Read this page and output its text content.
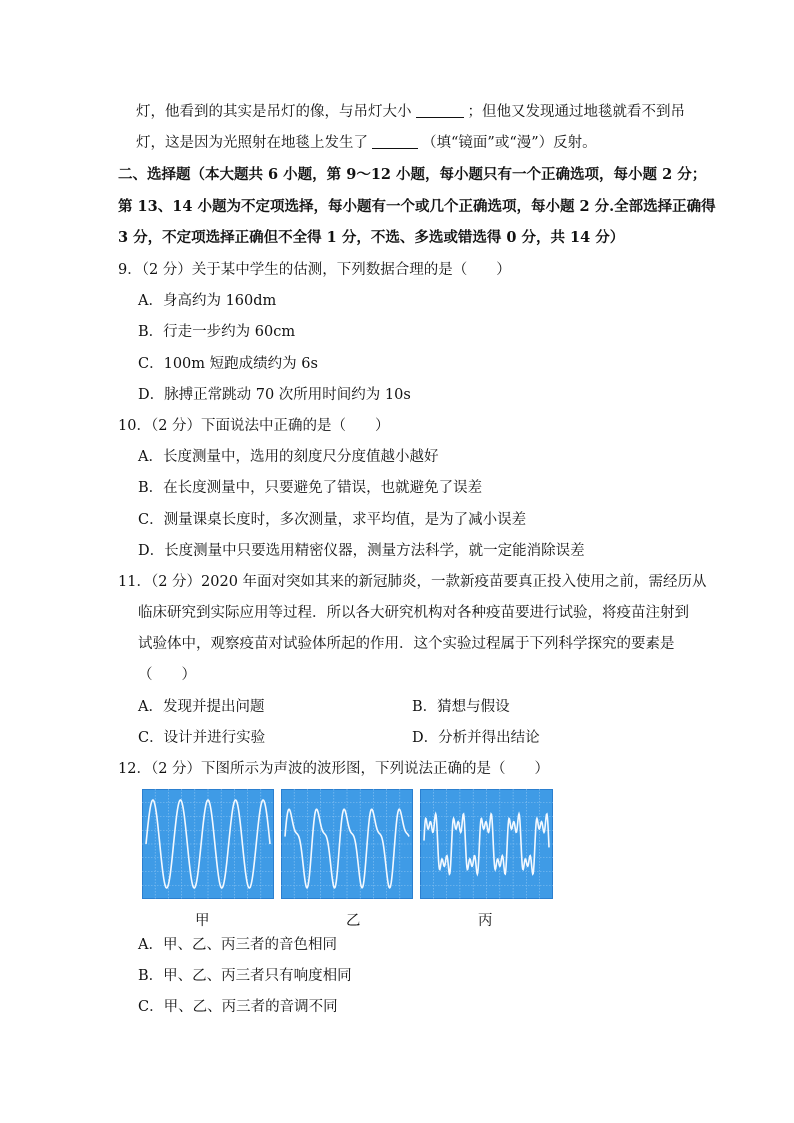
灯，他看到的其实是吊灯的像，与吊灯大小	；但他又发现通过地毯就看不到吊
灯，这是因为光照射在地毯上发生了	（填“镜面”或“漫”）反射。
二、选择题（本大题共 6 小题，第 9～12 小题，每小题只有一个正确选项，每小题 2 分；
第 13、14 小题为不定项选择，每小题有一个或几个正确选项，每小题 2 分.全部选择正确得
3 分，不定项选择正确但不全得 1 分，不选、多选或错选得 0 分，共 14 分）
9．（2 分）关于某中学生的估测，下列数据合理的是（　　）
A．身高约为 160dm
B．行走一步约为 60cm
C．100m 短跑成绩约为 6s
D．脉搏正常跳动 70 次所用时间约为 10s
10．（2 分）下面说法中正确的是（　　）
A．长度测量中，选用的刻度尺分度值越小越好
B．在长度测量中，只要避免了错误，也就避免了误差
C．测量课桌长度时，多次测量，求平均值，是为了减小误差
D．长度测量中只要选用精密仪器，测量方法科学，就一定能消除误差
11．（2 分）2020 年面对突如其来的新冠肺炎，一款新疫苗要真正投入使用之前，需经历从
临床研究到实际应用等过程．所以各大研究机构对各种疫苗要进行试验，将疫苗注射到
试验体中，观察疫苗对试验体所起的作用．这个实验过程属于下列科学探究的要素是
（　　）
A．发现并提出问题	B．猜想与假设
C．设计并进行实验	D．分析并得出结论
12．（2 分）下图所示为声波的波形图，下列说法正确的是（　　）
甲	乙	丙
A．甲、乙、丙三者的音色相同
B．甲、乙、丙三者只有响度相同
C．甲、乙、丙三者的音调不同
